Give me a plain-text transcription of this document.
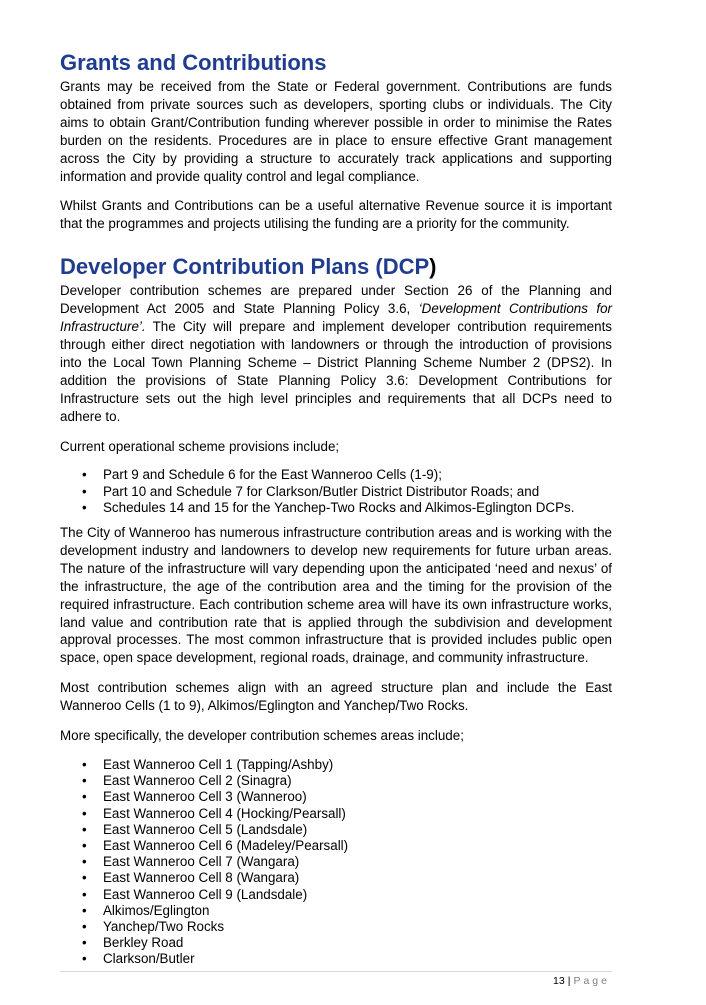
Grants and Contributions

Grants may be received from the State or Federal government. Contributions are funds obtained from private sources such as developers, sporting clubs or individuals. The City aims to obtain Grant/Contribution funding wherever possible in order to minimise the Rates burden on the residents. Procedures are in place to ensure effective Grant management across the City by providing a structure to accurately track applications and supporting information and provide quality control and legal compliance.

Whilst Grants and Contributions can be a useful alternative Revenue source it is important that the programmes and projects utilising the funding are a priority for the community.

Developer Contribution Plans (DCP)

Developer contribution schemes are prepared under Section 26 of the Planning and Development Act 2005 and State Planning Policy 3.6, ‘Development Contributions for Infrastructure’. The City will prepare and implement developer contribution requirements through either direct negotiation with landowners or through the introduction of provisions into the Local Town Planning Scheme – District Planning Scheme Number 2 (DPS2). In addition the provisions of State Planning Policy 3.6: Development Contributions for Infrastructure sets out the high level principles and requirements that all DCPs need to adhere to.

Current operational scheme provisions include;

• Part 9 and Schedule 6 for the East Wanneroo Cells (1-9);
• Part 10 and Schedule 7 for Clarkson/Butler District Distributor Roads; and
• Schedules 14 and 15 for the Yanchep-Two Rocks and Alkimos-Eglington DCPs.

The City of Wanneroo has numerous infrastructure contribution areas and is working with the development industry and landowners to develop new requirements for future urban areas. The nature of the infrastructure will vary depending upon the anticipated ‘need and nexus’ of the infrastructure, the age of the contribution area and the timing for the provision of the required infrastructure. Each contribution scheme area will have its own infrastructure works, land value and contribution rate that is applied through the subdivision and development approval processes. The most common infrastructure that is provided includes public open space, open space development, regional roads, drainage, and community infrastructure.

Most contribution schemes align with an agreed structure plan and include the East Wanneroo Cells (1 to 9), Alkimos/Eglington and Yanchep/Two Rocks.

More specifically, the developer contribution schemes areas include;

• East Wanneroo Cell 1 (Tapping/Ashby)
• East Wanneroo Cell 2 (Sinagra)
• East Wanneroo Cell 3 (Wanneroo)
• East Wanneroo Cell 4 (Hocking/Pearsall)
• East Wanneroo Cell 5 (Landsdale)
• East Wanneroo Cell 6 (Madeley/Pearsall)
• East Wanneroo Cell 7 (Wangara)
• East Wanneroo Cell 8 (Wangara)
• East Wanneroo Cell 9 (Landsdale)
• Alkimos/Eglington
• Yanchep/Two Rocks
• Berkley Road
• Clarkson/Butler
13 | Page
